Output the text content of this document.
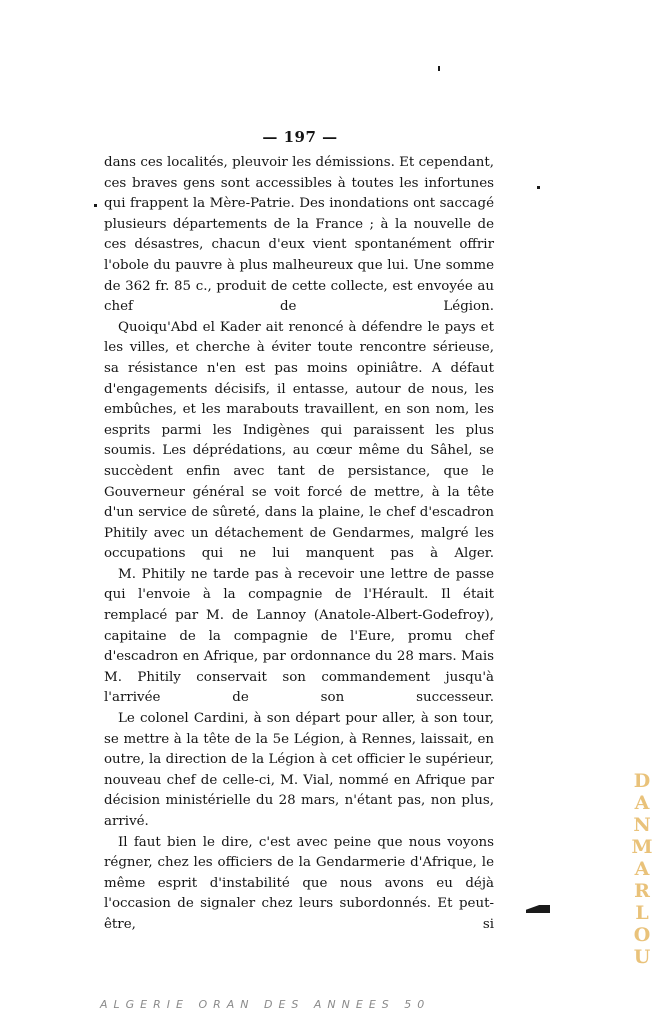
— 197 —

dans ces localités, pleuvoir les démissions. Et cependant, ces braves gens sont accessibles à toutes les infortunes qui frappent la Mère-Patrie. Des inondations ont saccagé plusieurs départements de la France ; à la nouvelle de ces désastres, chacun d'eux vient spontanément offrir l'obole du pauvre à plus malheureux que lui. Une somme de 362 fr. 85 c., produit de cette collecte, est envoyée au chef de Légion.

Quoiqu'Abd el Kader ait renoncé à défendre le pays et les villes, et cherche à éviter toute rencontre sérieuse, sa résistance n'en est pas moins opiniâtre. A défaut d'engagements décisifs, il entasse, autour de nous, les embûches, et les marabouts travaillent, en son nom, les esprits parmi les Indigènes qui paraissent les plus soumis. Les déprédations, au cœur même du Sâhel, se succèdent enfin avec tant de persistance, que le Gouverneur général se voit forcé de mettre, à la tête d'un service de sûreté, dans la plaine, le chef d'escadron Phitily avec un détachement de Gendarmes, malgré les occupations qui ne lui manquent pas à Alger.

M. Phitily ne tarde pas à recevoir une lettre de passe qui l'envoie à la compagnie de l'Hérault. Il était remplacé par M. de Lannoy (Anatole-Albert-Godefroy), capitaine de la compagnie de l'Eure, promu chef d'escadron en Afrique, par ordonnance du 28 mars. Mais M. Phitily conservait son commandement jusqu'à l'arrivée de son successeur.

Le colonel Cardini, à son départ pour aller, à son tour, se mettre à la tête de la 5e Légion, à Rennes, laissait, en outre, la direction de la Légion à cet officier le supérieur, nouveau chef de celle-ci, M. Vial, nommé en Afrique par décision ministérielle du 28 mars, n'étant pas, non plus, arrivé.

Il faut bien le dire, c'est avec peine que nous voyons régner, chez les officiers de la Gendarmerie d'Afrique, le même esprit d'instabilité que nous avons eu déjà l'occasion de signaler chez leurs subordonnés. Et peut-être, si

DANMARLOU
ALGERIE ORAN DES ANNEES 50
